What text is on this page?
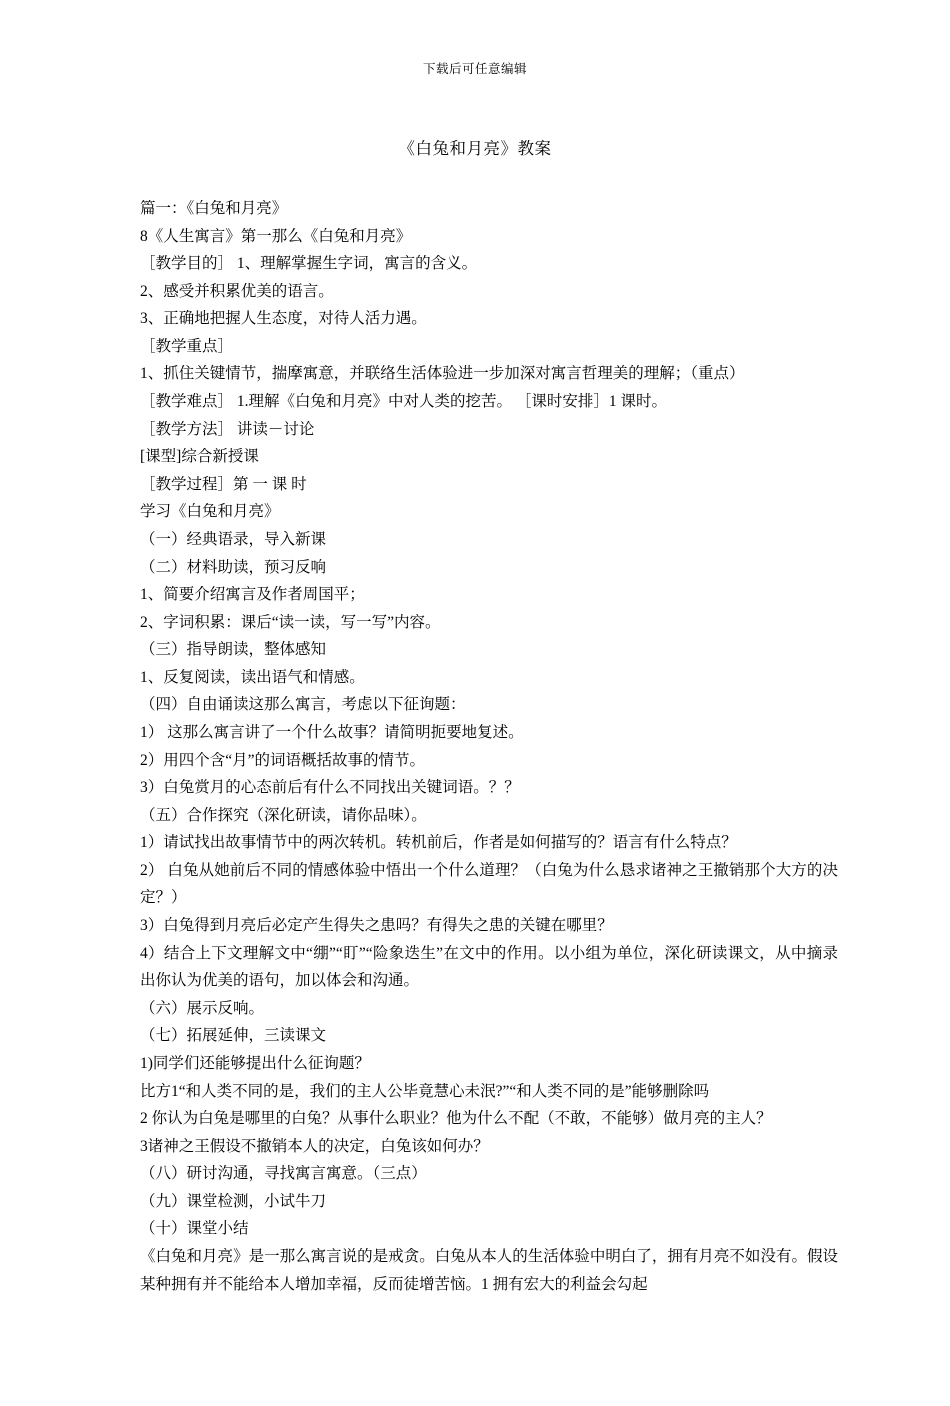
下载后可任意编辑
《白兔和月亮》教案

篇一：《白兔和月亮》

8《人生寓言》第一那么《白兔和月亮》

［教学目的］ 1、理解掌握生字词，寓言的含义。

2、感受并积累优美的语言。

3、正确地把握人生态度，对待人活力遇。

［教学重点］

1、抓住关键情节，揣摩寓意，并联络生活体验进一步加深对寓言哲理美的理解；（重点）

［教学难点］ 1.理解《白兔和月亮》中对人类的挖苦。 ［课时安排］1 课时。

［教学方法］ 讲读－讨论

[课型]综合新授课

［教学过程］第 一 课 时

学习《白兔和月亮》

（一）经典语录，导入新课

（二）材料助读，预习反响

1、简要介绍寓言及作者周国平；

2、字词积累：课后“读一读，写一写”内容。

（三）指导朗读，整体感知

1、反复阅读，读出语气和情感。

（四）自由诵读这那么寓言，考虑以下征询题：

1） 这那么寓言讲了一个什么故事？请简明扼要地复述。

2）用四个含“月”的词语概括故事的情节。

3）白兔赏月的心态前后有什么不同找出关键词语。？？

（五）合作探究（深化研读，请你品味）。

1）请试找出故事情节中的两次转机。转机前后，作者是如何描写的？语言有什么特点？

2） 白兔从她前后不同的情感体验中悟出一个什么道理？（白兔为什么恳求诸神之王撤销那个大方的决定？）

3）白兔得到月亮后必定产生得失之患吗？有得失之患的关键在哪里？

4）结合上下文理解文中“绷”“盯”“险象迭生”在文中的作用。以小组为单位，深化研读课文，从中摘录出你认为优美的语句，加以体会和沟通。

（六）展示反响。

（七）拓展延伸，三读课文

1)同学们还能够提出什么征询题？

比方1“和人类不同的是，我们的主人公毕竟慧心未泯?”“和人类不同的是”能够删除吗

2 你认为白兔是哪里的白兔？从事什么职业？他为什么不配（不敢，不能够）做月亮的主人？

3诸神之王假设不撤销本人的决定，白兔该如何办？

（八）研讨沟通，寻找寓言寓意。（三点）

（九）课堂检测，小试牛刀

（十）课堂小结

《白兔和月亮》是一那么寓言说的是戒贪。白兔从本人的生活体验中明白了，拥有月亮不如没有。假设某种拥有并不能给本人增加幸福，反而徒增苦恼。1 拥有宏大的利益会勾起
